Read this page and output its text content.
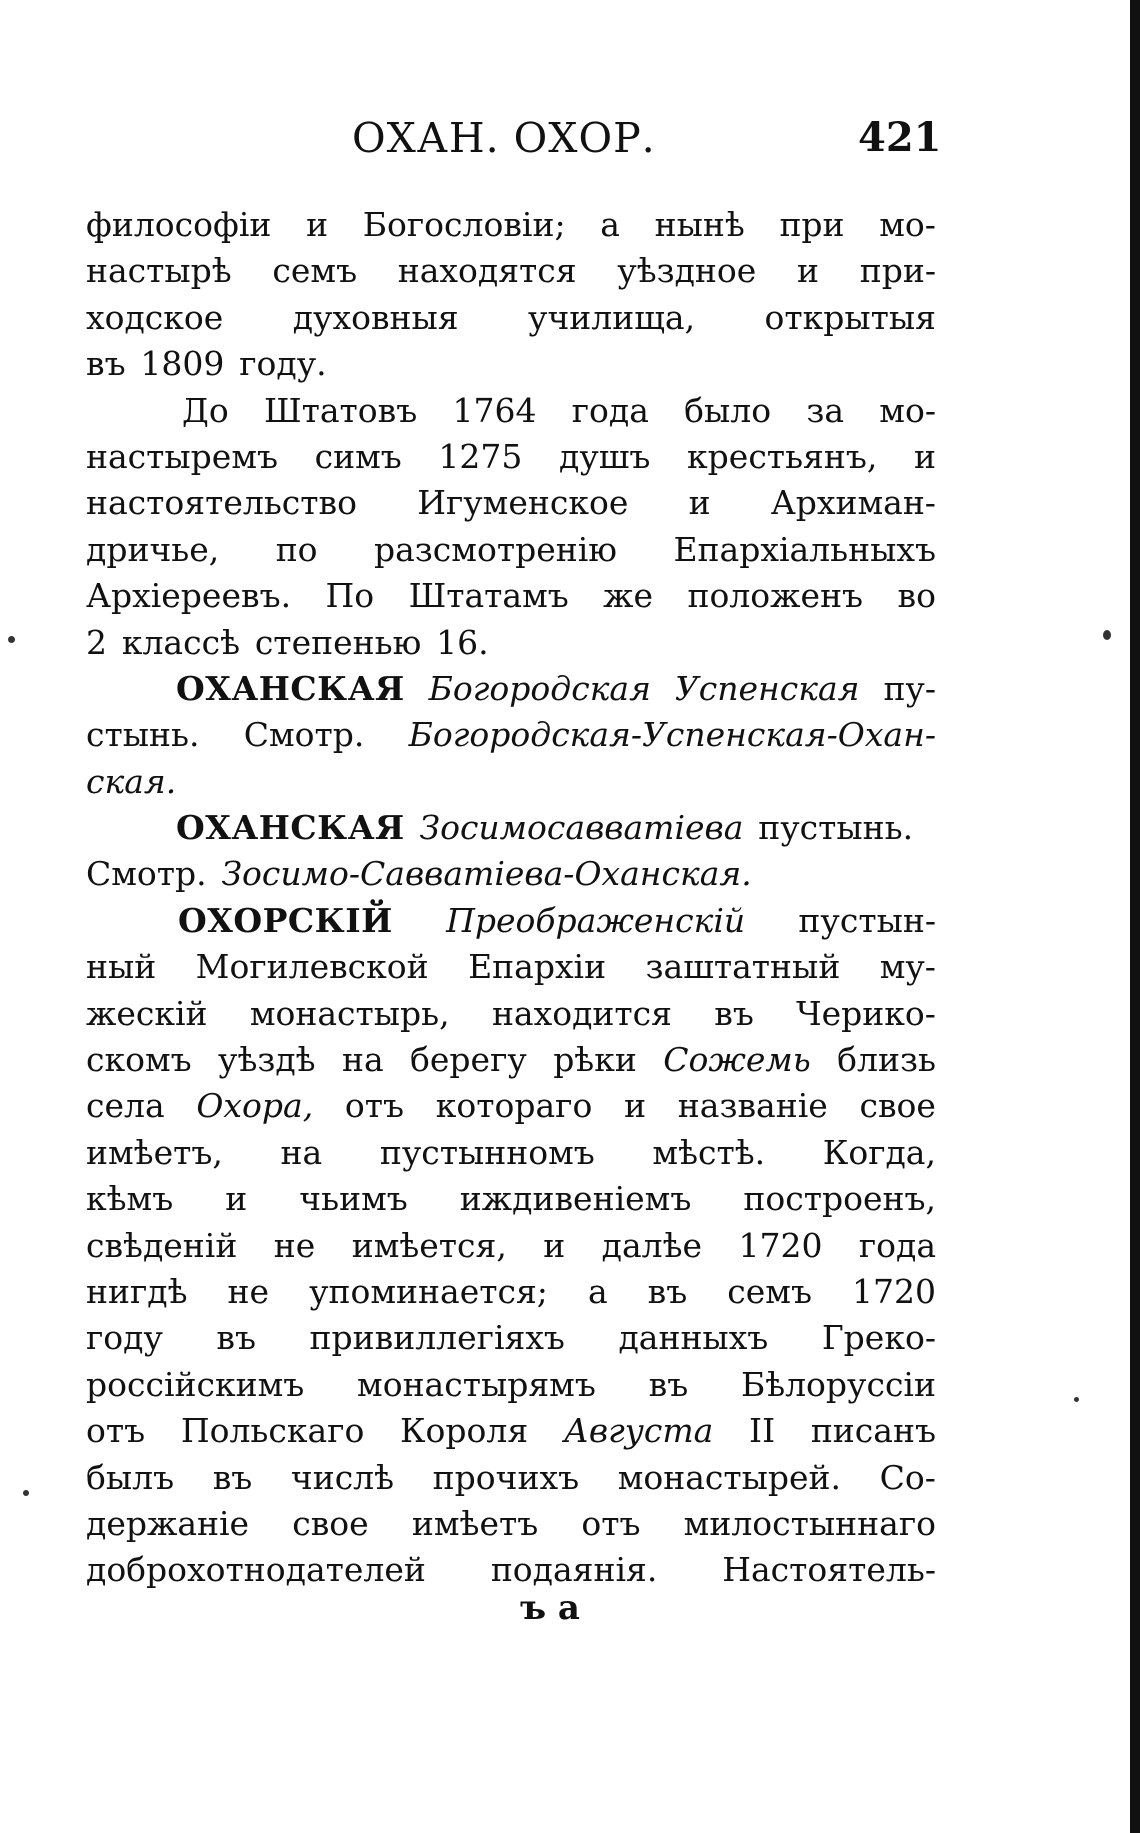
ОХАН. ОХОР.	421
философіи и Богословіи; а нынѣ при мо-
настырѣ семъ находятся уѣздное и при-
ходское духовныя училища, открытыя
въ 1809 году.
До Штатовъ 1764 года было за мо-
настыремъ симъ 1275 душъ крестьянъ, и
настоятельство Игуменское и Архиман-
дричье, по разсмотренію Епархіальныхъ
Архіереевъ. По Штатамъ же положенъ во
2 классѣ степенью 16.
ОХАНСКАЯ Богородская Успенская пу-
стынь. Смотр. Богородская-Успенская-Охан-
ская.
ОХАНСКАЯ Зосимосавватіева пустынь.
Смотр. Зосимо-Савватіева-Оханская.
ОХОРСКІЙ Преображенскій пустын-
ный Могилевской Епархіи заштатный му-
жескій монастырь, находится въ Черико-
скомъ уѣздѣ на берегу рѣки Сожемь близь
села Охора, отъ котораго и названіе свое
имѣетъ, на пустынномъ мѣстѣ. Когда,
кѣмъ и чьимъ иждивеніемъ построенъ,
свѣденій не имѣется, и далѣе 1720 года
нигдѣ не упоминается; а въ семъ 1720
году въ привиллегіяхъ данныхъ Греко-
россійскимъ монастырямъ въ Бѣлоруссіи
отъ Польскаго Короля Августа II писанъ
былъ въ числѣ прочихъ монастырей. Со-
держаніе свое имѣетъ отъ милостыннаго
доброхотнодателей подаянія. Настоятель-
ъ а
